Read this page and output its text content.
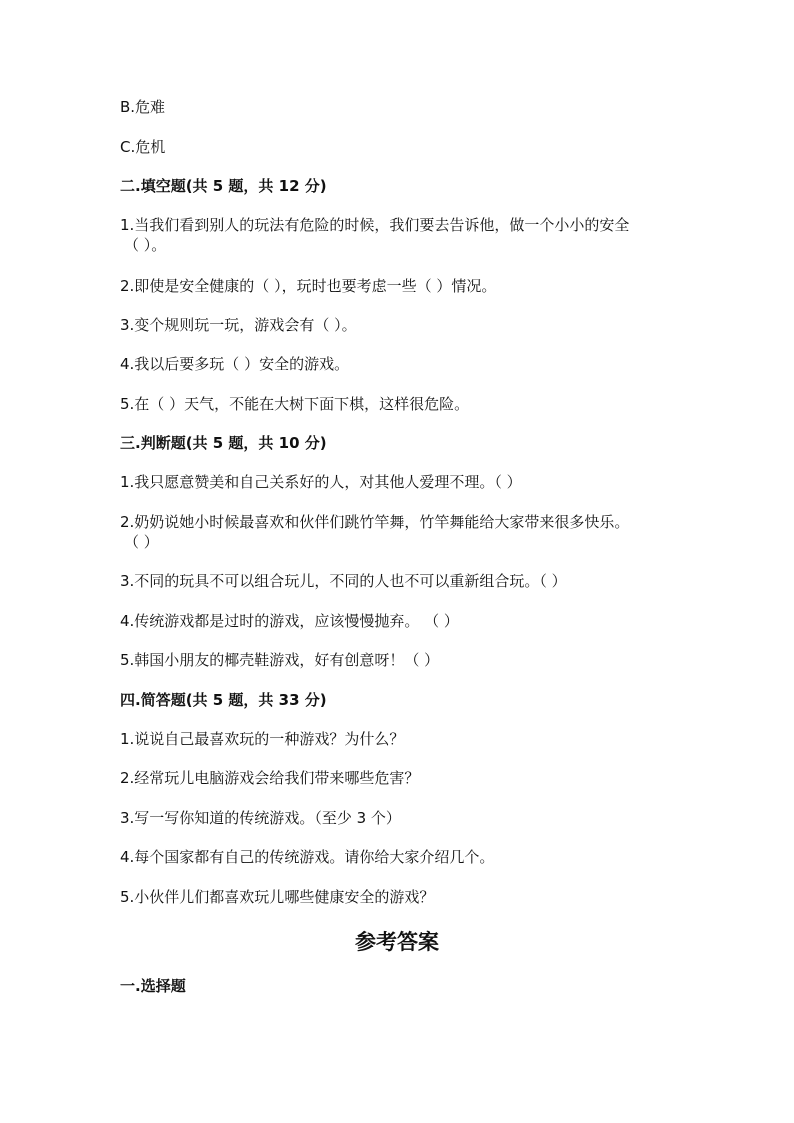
B.危难
C.危机
二.填空题(共 5 题，共 12 分)
1.当我们看到别人的玩法有危险的时候，我们要去告诉他，做一个小小的安全
（ ）。
2.即使是安全健康的（ ），玩时也要考虑一些（ ）情况。
3.变个规则玩一玩，游戏会有（ ）。
4.我以后要多玩（ ）安全的游戏。
5.在（ ）天气，不能在大树下面下棋，这样很危险。
三.判断题(共 5 题，共 10 分)
1.我只愿意赞美和自己关系好的人，对其他人爱理不理。（ ）
2.奶奶说她小时候最喜欢和伙伴们跳竹竿舞，竹竿舞能给大家带来很多快乐。
（ ）
3.不同的玩具不可以组合玩儿，不同的人也不可以重新组合玩。（ ）
4.传统游戏都是过时的游戏，应该慢慢抛弃。 （ ）
5.韩国小朋友的椰壳鞋游戏，好有创意呀！（ ）
四.简答题(共 5 题，共 33 分)
1.说说自己最喜欢玩的一种游戏？为什么？
2.经常玩儿电脑游戏会给我们带来哪些危害？
3.写一写你知道的传统游戏。（至少 3 个）
4.每个国家都有自己的传统游戏。请你给大家介绍几个。
5.小伙伴儿们都喜欢玩儿哪些健康安全的游戏？
参考答案
一.选择题
